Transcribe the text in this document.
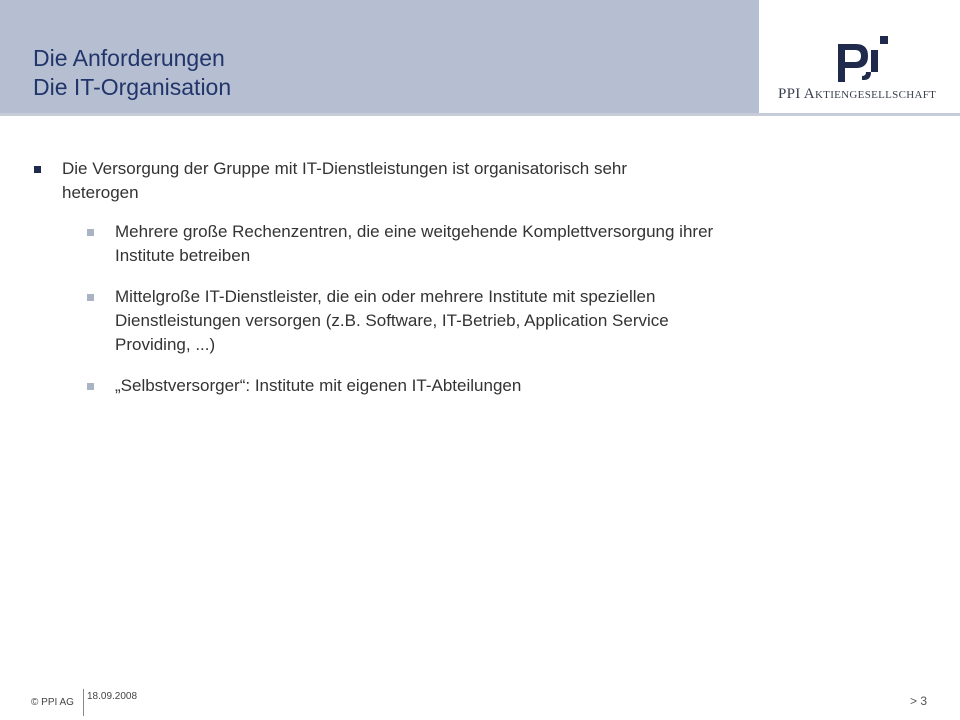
Die Anforderungen
Die IT-Organisation	PPI AKTIENGESELLSCHAFT
Die Versorgung der Gruppe mit IT-Dienstleistungen ist organisatorisch sehr
heterogen
Mehrere große Rechenzentren, die eine weitgehende Komplettversorgung ihrer
Institute betreiben
Mittelgroße IT-Dienstleister, die ein oder mehrere Institute mit speziellen
Dienstleistungen versorgen (z.B. Software, IT-Betrieb, Application Service
Providing, ...)
„Selbstversorger“: Institute mit eigenen IT-Abteilungen
© PPI AG
18.09.2008	> 3
